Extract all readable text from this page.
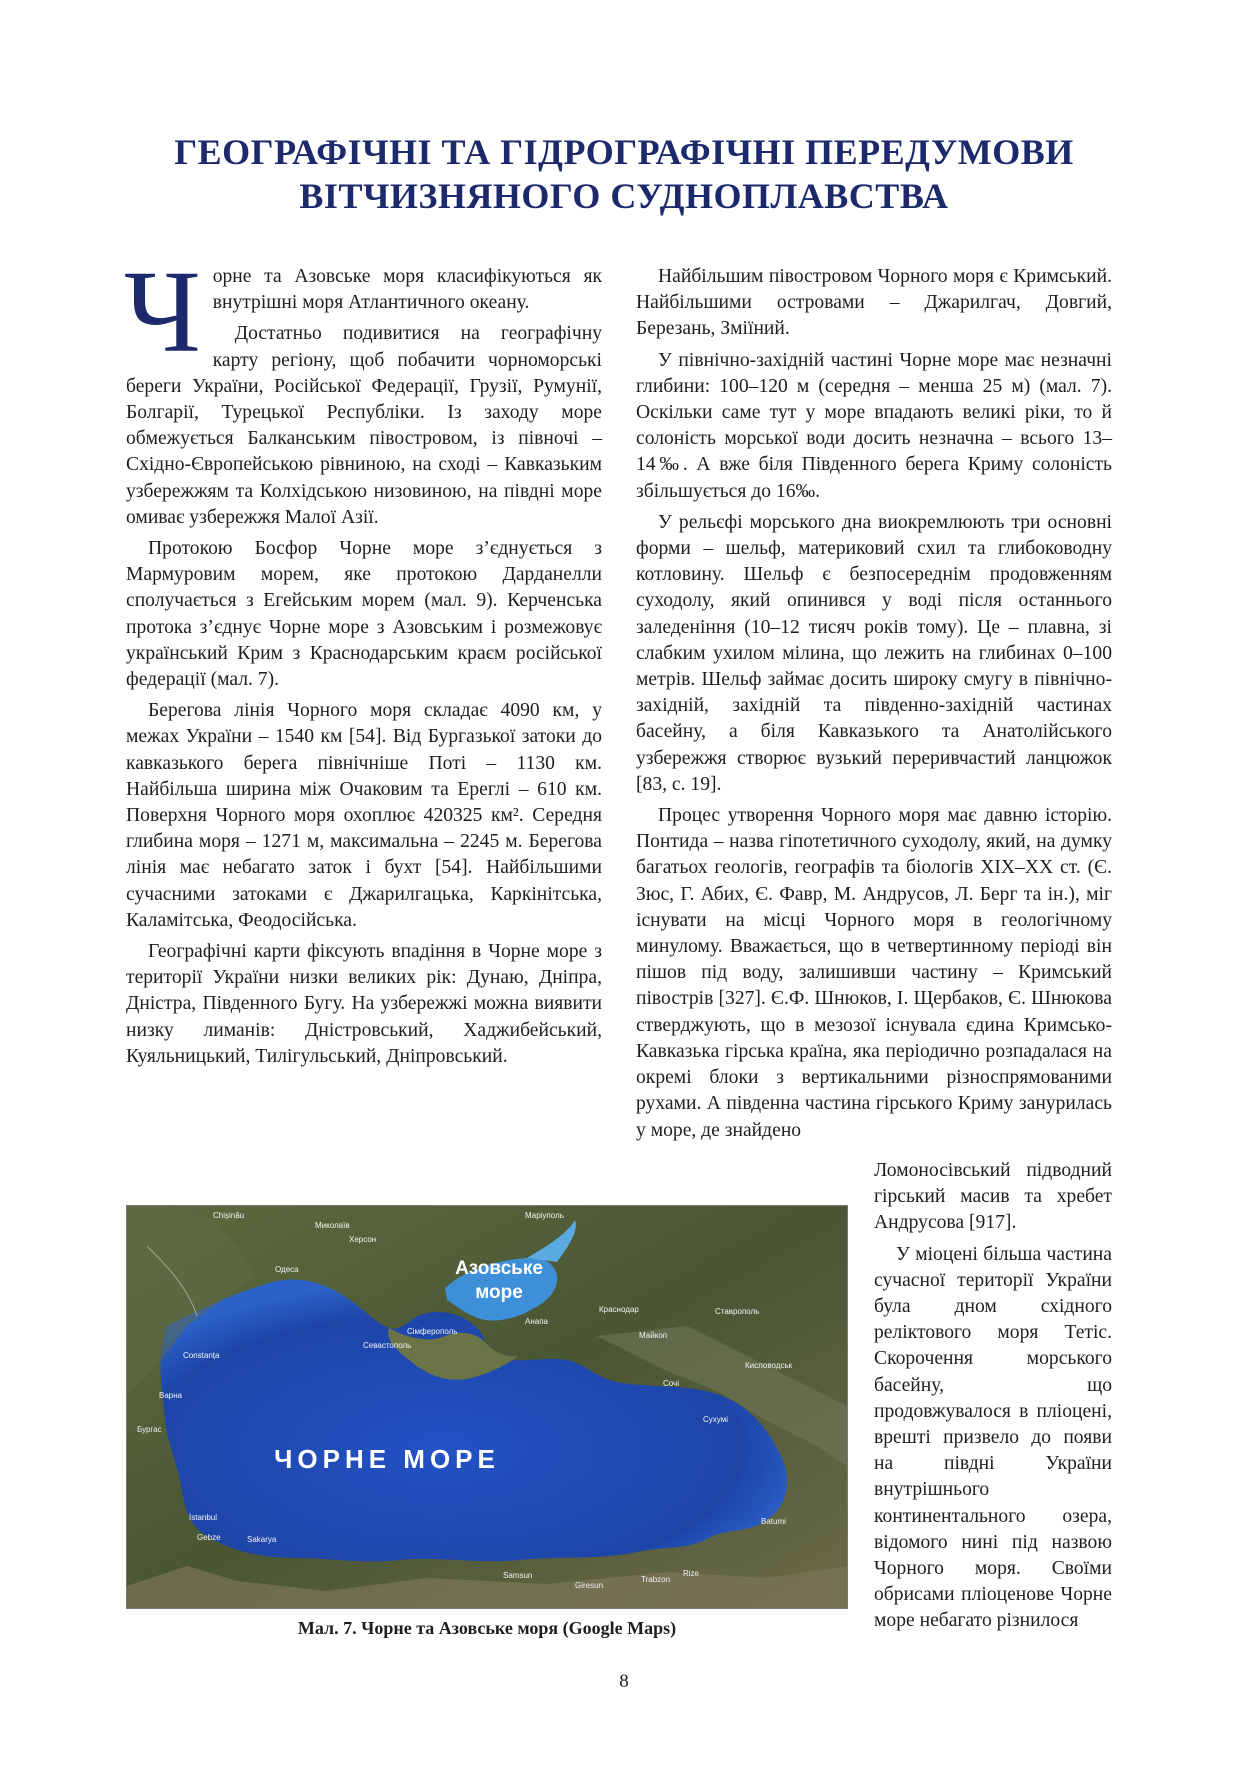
ГЕОГРАФІЧНІ ТА ГІДРОГРАФІЧНІ ПЕРЕДУМОВИ
ВІТЧИЗНЯНОГО СУДНОПЛАВСТВА

Чорне та Азовське моря класифікуються як внутрішні моря Атлантичного океану.

Достатньо подивитися на географічну карту регіону, щоб побачити чорноморські береги України, Російської Федерації, Грузії, Румунії, Болгарії, Турецької Республіки. Із заходу море обмежується Балканським півостровом, із півночі – Східно-Європейською рівниною, на сході – Кавказьким узбережжям та Колхідською низовиною, на півдні море омиває узбережжя Малої Азії.

Протокою Босфор Чорне море з’єднується з Мармуровим морем, яке протокою Дарданелли сполучається з Егейським морем (мал. 9). Керченська протока з’єднує Чорне море з Азовським і розмежовує український Крим з Краснодарським краєм російської федерації (мал. 7).

Берегова лінія Чорного моря складає 4090 км, у межах України – 1540 км [54]. Від Бургазької затоки до кавказького берега північніше Поті – 1130 км. Найбільша ширина між Очаковим та Ереглі – 610 км. Поверхня Чорного моря охоплює 420325 км². Середня глибина моря – 1271 м, максимальна – 2245 м. Берегова лінія має небагато заток і бухт [54]. Найбільшими сучасними затоками є Джарилгацька, Каркінітська, Каламітська, Феодосійська.

Географічні карти фіксують впадіння в Чорне море з території України низки великих рік: Дунаю, Дніпра, Дністра, Південного Бугу. На узбережжі можна виявити низку лиманів: Дністровський, Хаджибейський, Куяльницький, Тилігульський, Дніпровський.

Найбільшим півостровом Чорного моря є Кримський. Найбільшими островами – Джарилгач, Довгий, Березань, Зміїний.

У північно-західній частині Чорне море має незначні глибини: 100–120 м (середня – менша 25 м) (мал. 7). Оскільки саме тут у море впадають великі ріки, то й солоність морської води досить незначна – всього 13–14‰. А вже біля Південного берега Криму солоність збільшується до 16‰.

У рельєфі морського дна виокремлюють три основні форми – шельф, материковий схил та глибоководну котловину. Шельф є безпосереднім продовженням суходолу, який опинився у воді після останнього заледеніння (10–12 тисяч років тому). Це – плавна, зі слабким ухилом мілина, що лежить на глибинах 0–100 метрів. Шельф займає досить широку смугу в північно-західній, західній та південно-західній частинах басейну, а біля Кавказького та Анатолійського узбережжя створює вузький переривчастий ланцюжок [83, с. 19].

Процес утворення Чорного моря має давню історію. Понтида – назва гіпотетичного суходолу, який, на думку багатьох геологів, географів та біологів XIX–XX ст. (Є. Зюс, Г. Абих, Є. Фавр, М. Андрусов, Л. Берг та ін.), міг існувати на місці Чорного моря в геологічному минулому. Вважається, що в четвертинному періоді він пішов під воду, залишивши частину – Кримський півострів [327]. Є.Ф. Шнюков, І. Щербаков, Є. Шнюкова стверджують, що в мезозої існувала єдина Кримсько-Кавказька гірська країна, яка періодично розпадалася на окремі блоки з вертикальними різноспрямованими рухами. А південна частина гірського Криму занурилась у море, де знайдено

Ломоносівський підводний гірський масив та хребет Андрусова [917].

У міоцені більша частина сучасної території України була дном східного реліктового моря Тетіс. Скорочення морського басейну, що продовжувалося в пліоцені, врешті призвело до появи на півдні України внутрішнього континентального озера, відомого нині під назвою Чорного моря. Своїми обрисами пліоценове Чорне море небагато різнилося

Chișinău
Миколаїв
Херсон
Одеса
Маріуполь
Севастополь
Сімферополь
Краснодар	Ставрополь
Анапа
Майкоп
Кисловодськ
Сочі
Сухумі
Batumi
Constanța
Варна
Бургас
İstanbul
Gebze	Sakarya
Samsun
Giresun
Trabzon
Rize
Азовське
море
ЧОРНЕ МОРЕ
Мал. 7. Чорне та Азовське моря (Google Maps)
8
